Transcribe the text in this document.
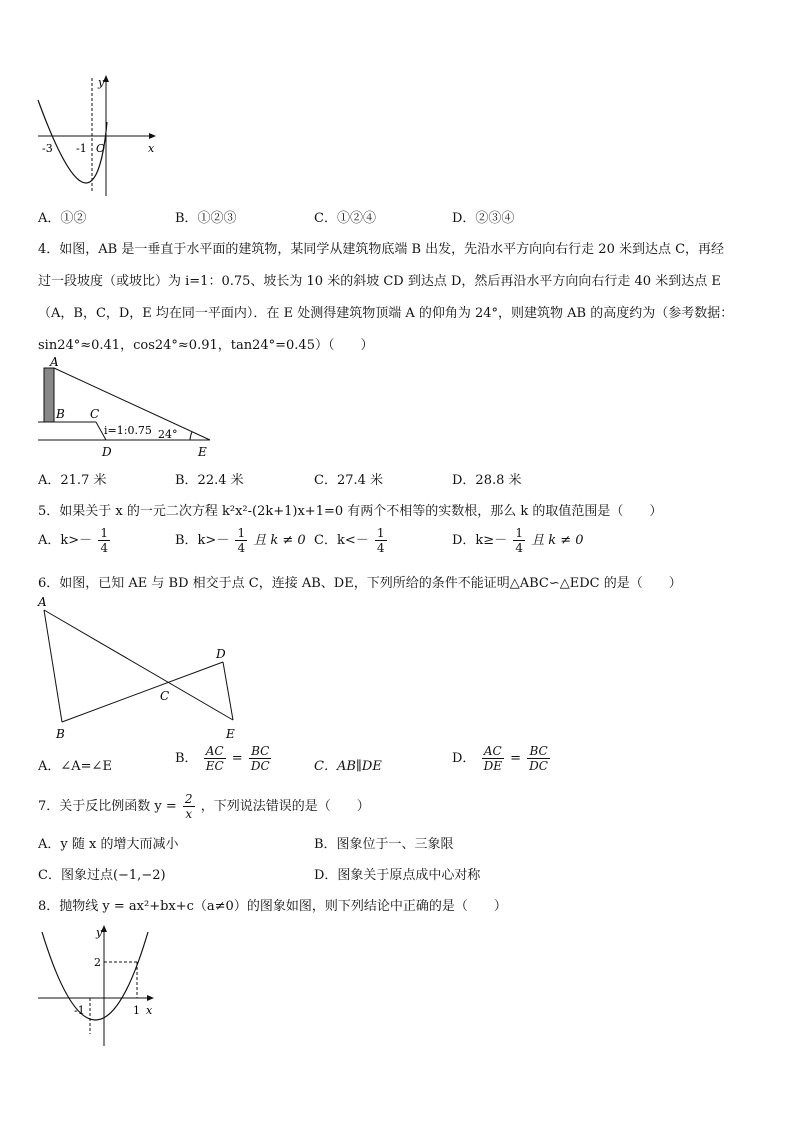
y
x
O
-3 -1
A．①②	B．①②③	C．①②④	D．②③④
4．如图，AB 是一垂直于水平面的建筑物，某同学从建筑物底端 B 出发，先沿水平方向向右行走 20 米到达点 C，再经
过一段坡度（或坡比）为 i=1：0.75、坡长为 10 米的斜坡 CD 到达点 D，然后再沿水平方向向右行走 40 米到达点 E
（A，B，C，D，E 均在同一平面内）．在 E 处测得建筑物顶端 A 的仰角为 24°，则建筑物 AB 的高度约为（参考数据：
sin24°≈0.41，cos24°≈0.91，tan24°=0.45）（　　）
A
B C
D	E
i=1:0.75 24°
A．21.7 米	B．22.4 米	C．27.4 米	D．28.8 米
5．如果关于 x 的一元二次方程 k²x²-(2k+1)x+1=0 有两个不相等的实数根，那么 k 的取值范围是（　　）
A．$k>- \frac{1}{4}$	B．$k>- \frac{1}{4}$ 且 k ≠ 0 C．$k<- \frac{1}{4}$	D．$k\ge- \frac{1}{4}$ 且 k ≠ 0
6．如图，已知 AE 与 BD 相交于点 C，连接 AB、DE，下列所给的条件不能证明△ABC∽△EDC 的是（　　）
A
B
C
D
E
A．∠A=∠E
B． $\frac{AC}{EC} = \frac{BC}{DC}$	C．AB∥DE
D． $\frac{AC}{DE} = \frac{BC}{DC}$
7．关于反比例函数 $y = \frac{2}{x}$ ，下列说法错误的是（　　）
A．y 随 x 的增大而减小	B．图象位于一、三象限
C．图象过点(−1,−2)	D．图象关于原点成中心对称
8．抛物线 y = ax²+bx+c（a≠0）的图象如图，则下列结论中正确的是（　　）
y
x
2
-1	1
